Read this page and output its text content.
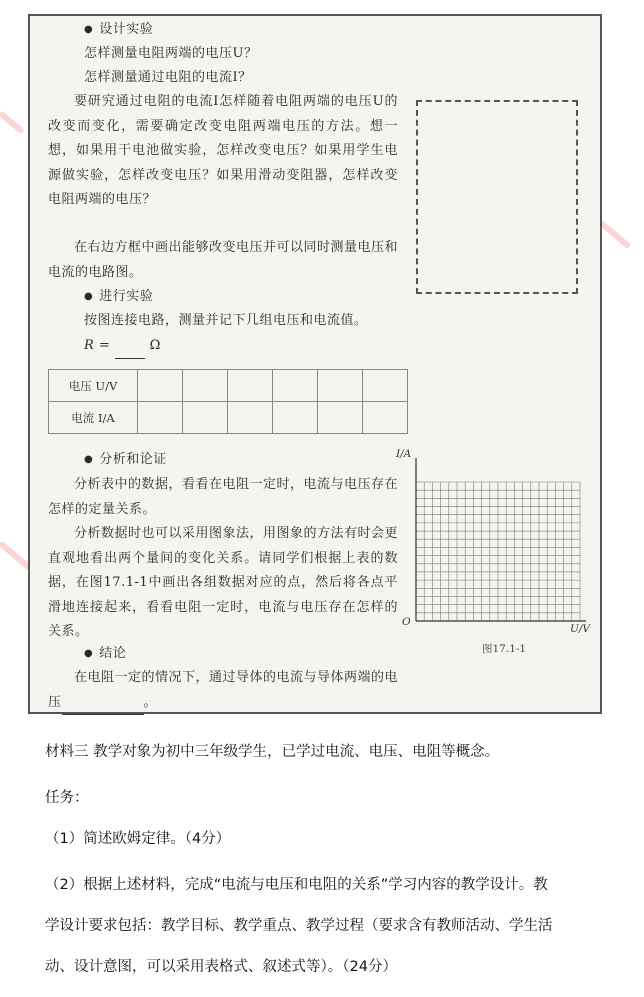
● 设计实验

怎样测量电阻两端的电压U？

怎样测量通过电阻的电流I？

要研究通过电阻的电流I怎样随着电阻两端的电压U的改变而变化，需要确定改变电阻两端电压的方法。想一想，如果用干电池做实验，怎样改变电压？如果用学生电源做实验，怎样改变电压？如果用滑动变阻器，怎样改变电阻两端的电压？

在右边方框中画出能够改变电压并可以同时测量电压和电流的电路图。

● 进行实验

按图连接电路，测量并记下几组电压和电流值。

R =	Ω

电压 U/V						
电流 I/A						

● 分析和论证

分析表中的数据，看看在电阻一定时，电流与电压存在怎样的定量关系。

分析数据时也可以采用图象法，用图象的方法有时会更直观地看出两个量间的变化关系。请同学们根据上表的数据，在图17.1-1中画出各组数据对应的点，然后将各点平滑地连接起来，看看电阻一定时，电流与电压存在怎样的关系。

● 结论

在电阻一定的情况下，通过导体的电流与导体两端的电压	。

I/A
O
U/V
图17.1-1

材料三 教学对象为初中三年级学生，已学过电流、电压、电阻等概念。

任务：

（1）简述欧姆定律。（4分）

（2）根据上述材料，完成“电流与电压和电阻的关系”学习内容的教学设计。教

学设计要求包括：教学目标、教学重点、教学过程（要求含有教师活动、学生活

动、设计意图，可以采用表格式、叙述式等）。（24分）
